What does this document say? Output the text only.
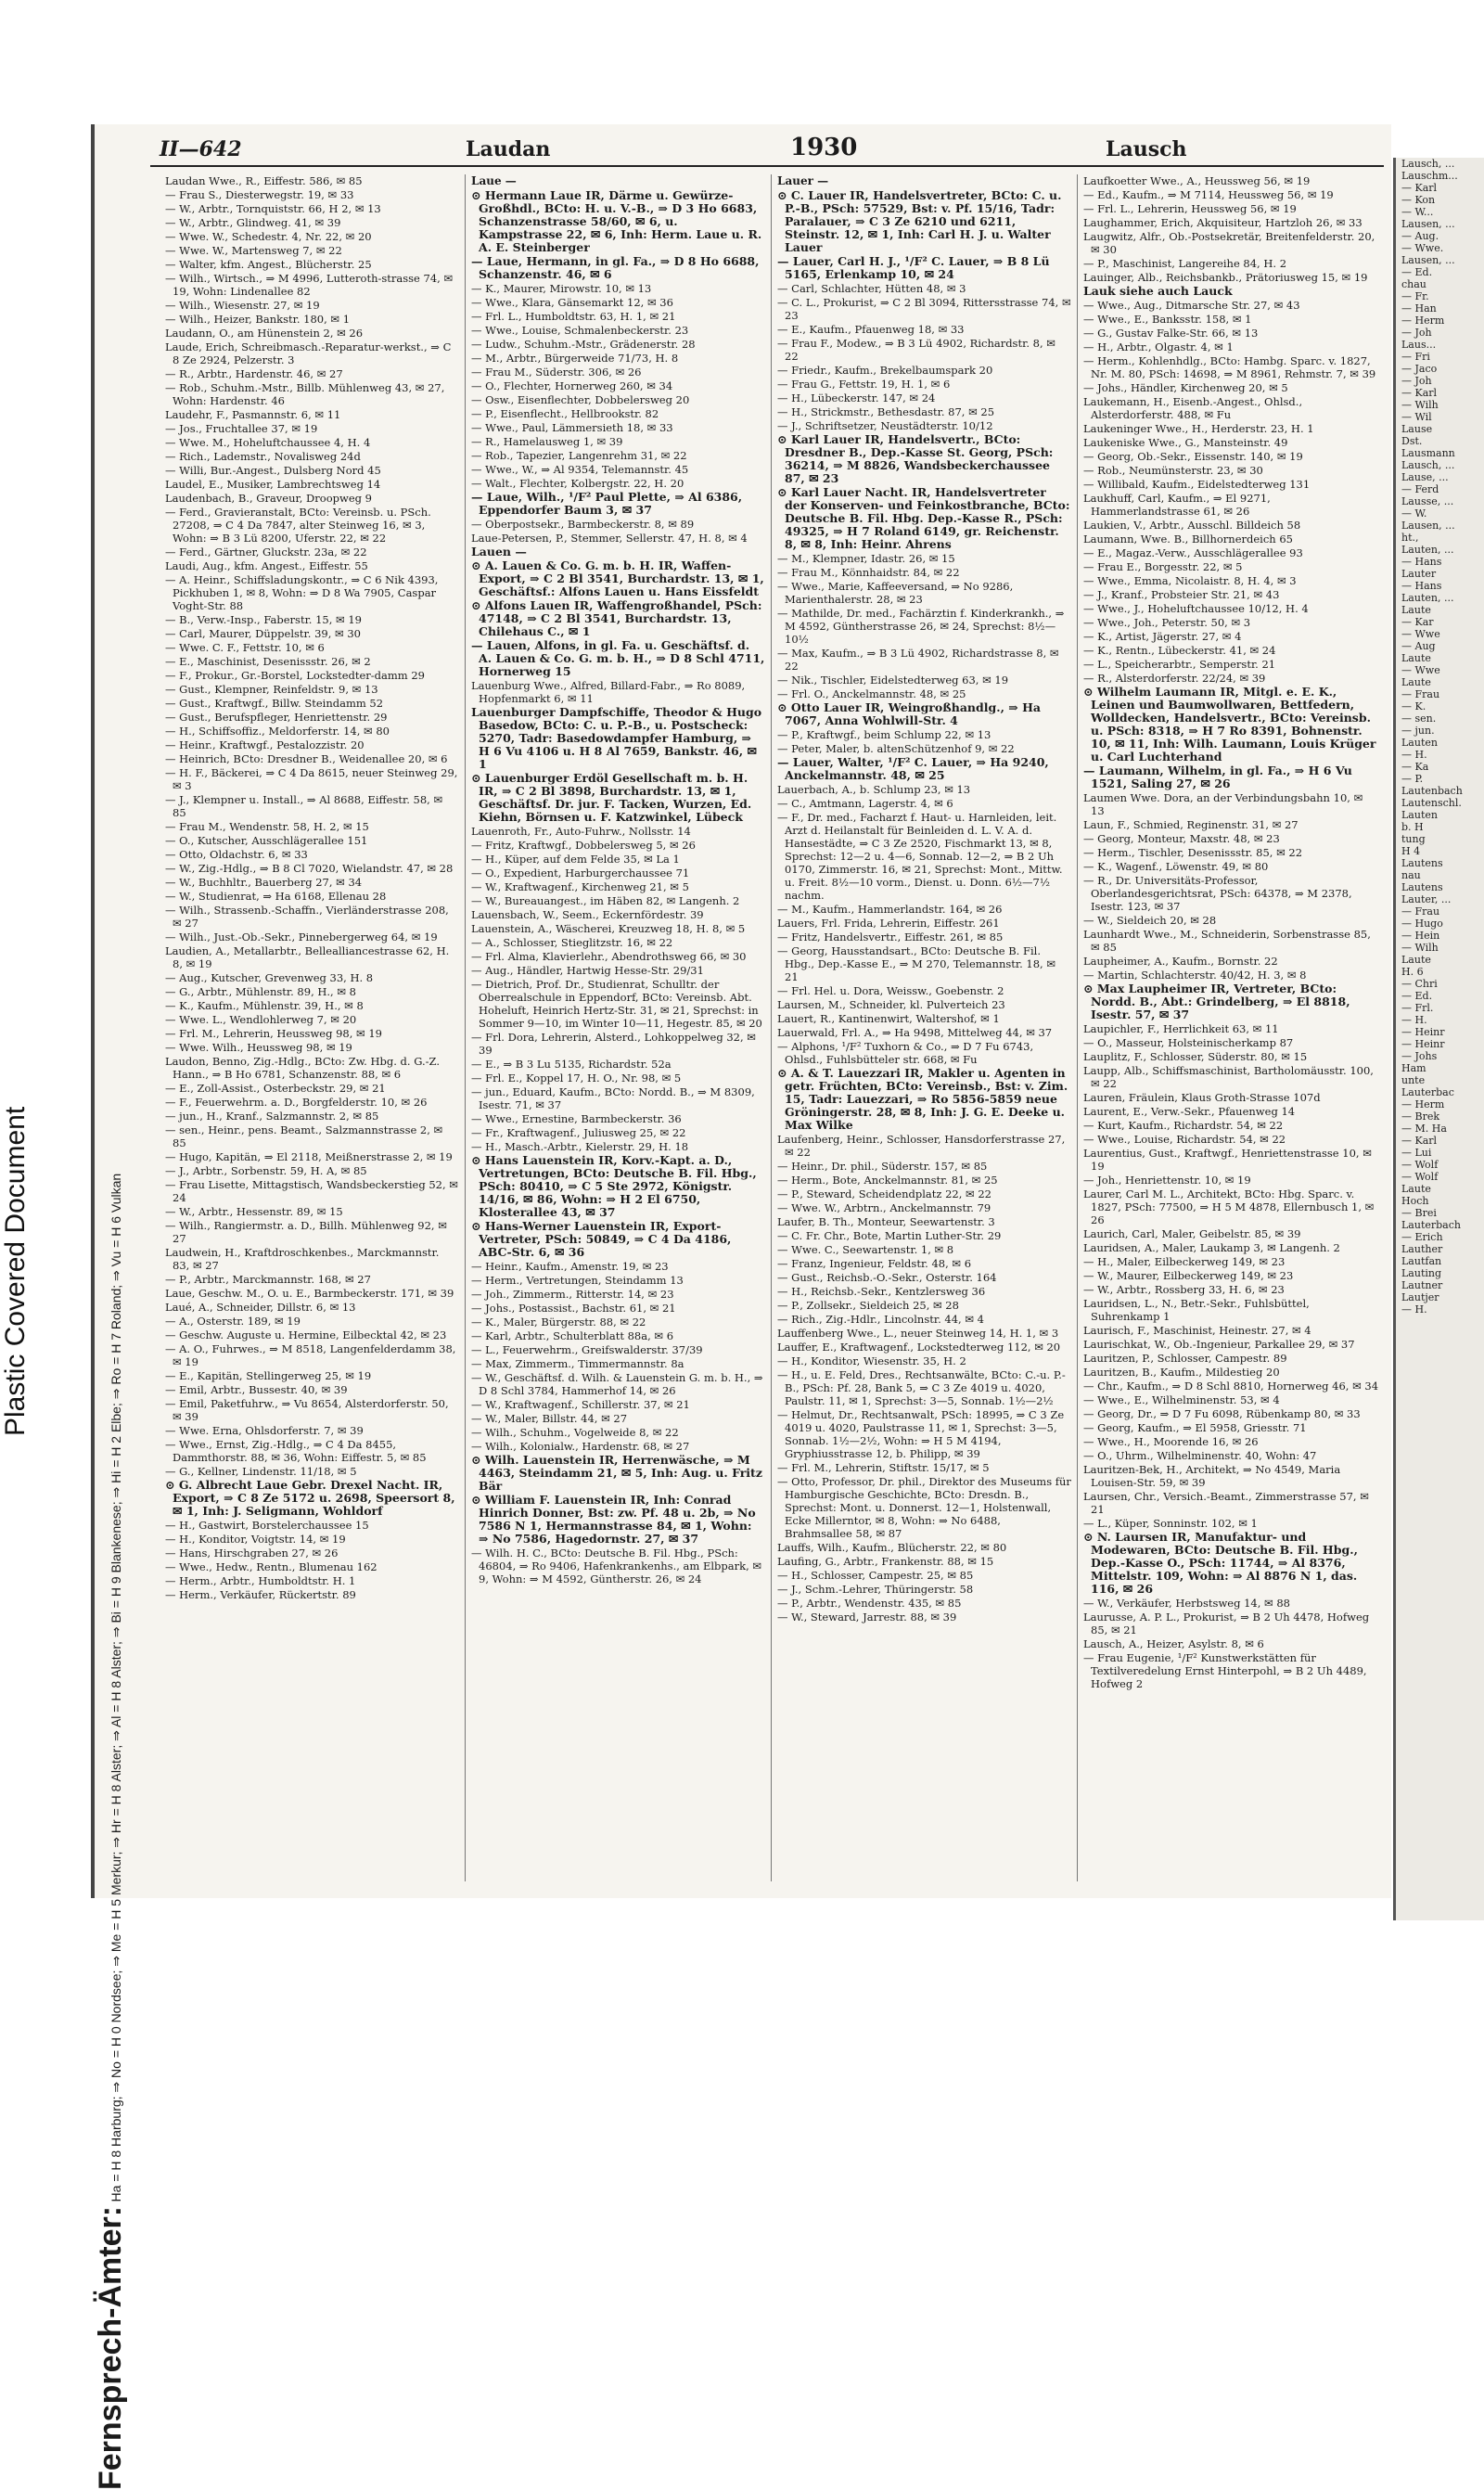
Plastic Covered Document
II—642	Laudan	1930	Lausch
Fernsprech-Ämter: Ha = H 8 Harburg; ⇒ No = H 0 Nordsee; ⇒ Me = H 5 Merkur; ⇒ Hr = H 8 Alster; ⇒ Al = H 8 Alster; ⇒ Bi = H 9 Blankenese; ⇒ Hi = H 2 Elbe; ⇒ Ro = H 7 Roland; ⇒ Vu = H 6 Vulkan
Laudan Wwe., R., Eiffestr. 586, ✉ 85
— Frau S., Diesterwegstr. 19, ✉ 33
— W., Arbtr., Tornquiststr. 66, H 2, ✉ 13
— W., Arbtr., Glindweg. 41, ✉ 39
— Wwe. W., Schedestr. 4, Nr. 22, ✉ 20
— Wwe. W., Martensweg 7, ✉ 22
— Walter, kfm. Angest., Blücherstr. 25
— Wilh., Wirtsch., ⇒ M 4996, Lutteroth-strasse 74, ✉ 19, Wohn: Lindenallee 82
— Wilh., Wiesenstr. 27, ✉ 19
— Wilh., Heizer, Bankstr. 180, ✉ 1
Laudann, O., am Hünenstein 2, ✉ 26
Laude, Erich, Schreibmasch.-Reparatur-werkst., ⇒ C 8 Ze 2924, Pelzerstr. 3
— R., Arbtr., Hardenstr. 46, ✉ 27
— Rob., Schuhm.-Mstr., Billb. Mühlenweg 43, ✉ 27, Wohn: Hardenstr. 46
Laudehr, F., Pasmannstr. 6, ✉ 11
— Jos., Fruchtallee 37, ✉ 19
— Wwe. M., Hoheluftchaussee 4, H. 4
— Rich., Lademstr., Novalisweg 24d
— Willi, Bur.-Angest., Dulsberg Nord 45
Laudel, E., Musiker, Lambrechtsweg 14
Laudenbach, B., Graveur, Droopweg 9
— Ferd., Gravieranstalt, BCto: Vereinsb. u. PSch. 27208, ⇒ C 4 Da 7847, alter Steinweg 16, ✉ 3, Wohn: ⇒ B 3 Lü 8200, Uferstr. 22, ✉ 22
— Ferd., Gärtner, Gluckstr. 23a, ✉ 22
Laudi, Aug., kfm. Angest., Eiffestr. 55
— A. Heinr., Schiffsladungskontr., ⇒ C 6 Nik 4393, Pickhuben 1, ✉ 8, Wohn: ⇒ D 8 Wa 7905, Caspar Voght-Str. 88
— B., Verw.-Insp., Faberstr. 15, ✉ 19
— Carl, Maurer, Düppelstr. 39, ✉ 30
— Wwe. C. F., Fettstr. 10, ✉ 6
— E., Maschinist, Desenissstr. 26, ✉ 2
— F., Prokur., Gr.-Borstel, Lockstedter-damm 29
— Gust., Klempner, Reinfeldstr. 9, ✉ 13
— Gust., Kraftwgf., Billw. Steindamm 52
— Gust., Berufspfleger, Henriettenstr. 29
— H., Schiffsoffiz., Meldorferstr. 14, ✉ 80
— Heinr., Kraftwgf., Pestalozzistr. 20
— Heinrich, BCto: Dresdner B., Weidenallee 20, ✉ 6
— H. F., Bäckerei, ⇒ C 4 Da 8615, neuer Steinweg 29, ✉ 3
— J., Klempner u. Install., ⇒ Al 8688, Eiffestr. 58, ✉ 85
— Frau M., Wendenstr. 58, H. 2, ✉ 15
— O., Kutscher, Ausschlägerallee 151
— Otto, Oldachstr. 6, ✉ 33
— W., Zig.-Hdlg., ⇒ B 8 Cl 7020, Wielandstr. 47, ✉ 28
— W., Buchhltr., Bauerberg 27, ✉ 34
— W., Studienrat, ⇒ Ha 6168, Ellenau 28
— Wilh., Strassenb.-Schaffn., Vierländerstrasse 208, ✉ 27
— Wilh., Just.-Ob.-Sekr., Pinnebergerweg 64, ✉ 19
Laudien, A., Metallarbtr., Bellealliancestrasse 62, H. 8, ✉ 19
— Aug., Kutscher, Grevenweg 33, H. 8
— G., Arbtr., Mühlenstr. 89, H., ✉ 8
— K., Kaufm., Mühlenstr. 39, H., ✉ 8
— Wwe. L., Wendlohlerweg 7, ✉ 20
— Frl. M., Lehrerin, Heussweg 98, ✉ 19
— Wwe. Wilh., Heussweg 98, ✉ 19
Laudon, Benno, Zig.-Hdlg., BCto: Zw. Hbg. d. G.-Z. Hann., ⇒ B Ho 6781, Schanzenstr. 88, ✉ 6
— E., Zoll-Assist., Osterbeckstr. 29, ✉ 21
— F., Feuerwehrm. a. D., Borgfelderstr. 10, ✉ 26
— jun., H., Kranf., Salzmannstr. 2, ✉ 85
— sen., Heinr., pens. Beamt., Salzmannstrasse 2, ✉ 85
— Hugo, Kapitän, ⇒ El 2118, Meißnerstrasse 2, ✉ 19
— J., Arbtr., Sorbenstr. 59, H. A, ✉ 85
— Frau Lisette, Mittagstisch, Wandsbeckerstieg 52, ✉ 24
— W., Arbtr., Hessenstr. 89, ✉ 15
— Wilh., Rangiermstr. a. D., Billh. Mühlenweg 92, ✉ 27
Laudwein, H., Kraftdroschkenbes., Marckmannstr. 83, ✉ 27
— P., Arbtr., Marckmannstr. 168, ✉ 27
Laue, Geschw. M., O. u. E., Barmbeckerstr. 171, ✉ 39
Laué, A., Schneider, Dillstr. 6, ✉ 13
— A., Osterstr. 189, ✉ 19
— Geschw. Auguste u. Hermine, Eilbecktal 42, ✉ 23
— A. O., Fuhrwes., ⇒ M 8518, Langenfelderdamm 38, ✉ 19
— E., Kapitän, Stellingerweg 25, ✉ 19
— Emil, Arbtr., Bussestr. 40, ✉ 39
— Emil, Paketfuhrw., ⇒ Vu 8654, Alsterdorferstr. 50, ✉ 39
— Wwe. Erna, Ohlsdorferstr. 7, ✉ 39
— Wwe., Ernst, Zig.-Hdlg., ⇒ C 4 Da 8455, Dammthorstr. 88, ✉ 36, Wohn: Eiffestr. 5, ✉ 85
— G., Kellner, Lindenstr. 11/18, ✉ 5
⊙ G. Albrecht Laue Gebr. Drexel Nacht. IR, Export, ⇒ C 8 Ze 5172 u. 2698, Speersort 8, ✉ 1, Inh: J. Seligmann, Wohldorf
— H., Gastwirt, Borstelerchaussee 15
— H., Konditor, Voigtstr. 14, ✉ 19
— Hans, Hirschgraben 27, ✉ 26
— Wwe., Hedw., Rentn., Blumenau 162
— Herm., Arbtr., Humboldtstr. H. 1
— Herm., Verkäufer, Rückertstr. 89
Laue —
⊙ Hermann Laue IR, Därme u. Gewürze-Großhdl., BCto: H. u. V.-B., ⇒ D 3 Ho 6683, Schanzenstrasse 58/60, ✉ 6, u. Kampstrasse 22, ✉ 6, Inh: Herm. Laue u. R. A. E. Steinberger
— Laue, Hermann, in gl. Fa., ⇒ D 8 Ho 6688, Schanzenstr. 46, ✉ 6
— K., Maurer, Mirowstr. 10, ✉ 13
— Wwe., Klara, Gänsemarkt 12, ✉ 36
— Frl. L., Humboldtstr. 63, H. 1, ✉ 21
— Wwe., Louise, Schmalenbeckerstr. 23
— Ludw., Schuhm.-Mstr., Grädenerstr. 28
— M., Arbtr., Bürgerweide 71/73, H. 8
— Frau M., Süderstr. 306, ✉ 26
— O., Flechter, Hornerweg 260, ✉ 34
— Osw., Eisenflechter, Dobbelersweg 20
— P., Eisenflecht., Hellbrookstr. 82
— Wwe., Paul, Lämmersieth 18, ✉ 33
— R., Hamelausweg 1, ✉ 39
— Rob., Tapezier, Langenrehm 31, ✉ 22
— Wwe., W., ⇒ Al 9354, Telemannstr. 45
— Walt., Flechter, Kolbergstr. 22, H. 20
— Laue, Wilh., ¹/F² Paul Plette, ⇒ Al 6386, Eppendorfer Baum 3, ✉ 37
— Oberpostsekr., Barmbeckerstr. 8, ✉ 89
Laue-Petersen, P., Stemmer, Sellerstr. 47, H. 8, ✉ 4
Lauen —
⊙ A. Lauen & Co. G. m. b. H. IR, Waffen-Export, ⇒ C 2 Bl 3541, Burchardstr. 13, ✉ 1, Geschäftsf.: Alfons Lauen u. Hans Eissfeldt
⊙ Alfons Lauen IR, Waffengroßhandel, PSch: 47148, ⇒ C 2 Bl 3541, Burchardstr. 13, Chilehaus C., ✉ 1
— Lauen, Alfons, in gl. Fa. u. Geschäftsf. d. A. Lauen & Co. G. m. b. H., ⇒ D 8 Schl 4711, Hornerweg 15
Lauenburg Wwe., Alfred, Billard-Fabr., ⇒ Ro 8089, Hopfenmarkt 6, ✉ 11
Lauenburger Dampfschiffe, Theodor & Hugo Basedow, BCto: C. u. P.-B., u. Postscheck: 5270, Tadr: Basedowdampfer Hamburg, ⇒ H 6 Vu 4106 u. H 8 Al 7659, Bankstr. 46, ✉ 1
⊙ Lauenburger Erdöl Gesellschaft m. b. H. IR, ⇒ C 2 Bl 3898, Burchardstr. 13, ✉ 1, Geschäftsf. Dr. jur. F. Tacken, Wurzen, Ed. Kiehn, Börnsen u. F. Katzwinkel, Lübeck
Lauenroth, Fr., Auto-Fuhrw., Nollsstr. 14
— Fritz, Kraftwgf., Dobbelersweg 5, ✉ 26
— H., Küper, auf dem Felde 35, ✉ La 1
— O., Expedient, Harburgerchaussee 71
— W., Kraftwagenf., Kirchenweg 21, ✉ 5
— W., Bureauangest., im Häben 82, ✉ Langenh. 2
Lauensbach, W., Seem., Eckernfördestr. 39
Lauenstein, A., Wäscherei, Kreuzweg 18, H. 8, ✉ 5
— A., Schlosser, Stieglitzstr. 16, ✉ 22
— Frl. Alma, Klavierlehr., Abendrothsweg 66, ✉ 30
— Aug., Händler, Hartwig Hesse-Str. 29/31
— Dietrich, Prof. Dr., Studienrat, Schulltr. der Oberrealschule in Eppendorf, BCto: Vereinsb. Abt. Hoheluft, Heinrich Hertz-Str. 31, ✉ 21, Sprechst: in Sommer 9—10, im Winter 10—11, Hegestr. 85, ✉ 20
— Frl. Dora, Lehrerin, Alsterd., Lohkoppelweg 32, ✉ 39
— E., ⇒ B 3 Lu 5135, Richardstr. 52a
— Frl. E., Koppel 17, H. O., Nr. 98, ✉ 5
— jun., Eduard, Kaufm., BCto: Nordd. B., ⇒ M 8309, Isestr. 71, ✉ 37
— Wwe., Ernestine, Barmbeckerstr. 36
— Fr., Kraftwagenf., Juliusweg 25, ✉ 22
— H., Masch.-Arbtr., Kielerstr. 29, H. 18
⊙ Hans Lauenstein IR, Korv.-Kapt. a. D., Vertretungen, BCto: Deutsche B. Fil. Hbg., PSch: 80410, ⇒ C 5 Ste 2972, Königstr. 14/16, ✉ 86, Wohn: ⇒ H 2 El 6750, Klosterallee 43, ✉ 37
⊙ Hans-Werner Lauenstein IR, Export-Vertreter, PSch: 50849, ⇒ C 4 Da 4186, ABC-Str. 6, ✉ 36
— Heinr., Kaufm., Amenstr. 19, ✉ 23
— Herm., Vertretungen, Steindamm 13
— Joh., Zimmerm., Ritterstr. 14, ✉ 23
— Johs., Postassist., Bachstr. 61, ✉ 21
— K., Maler, Bürgerstr. 88, ✉ 22
— Karl, Arbtr., Schulterblatt 88a, ✉ 6
— L., Feuerwehrm., Greifswalderstr. 37/39
— Max, Zimmerm., Timmermannstr. 8a
— W., Geschäftsf. d. Wilh. & Lauenstein G. m. b. H., ⇒ D 8 Schl 3784, Hammerhof 14, ✉ 26
— W., Kraftwagenf., Schillerstr. 37, ✉ 21
— W., Maler, Billstr. 44, ✉ 27
— Wilh., Schuhm., Vogelweide 8, ✉ 22
— Wilh., Kolonialw., Hardenstr. 68, ✉ 27
⊙ Wilh. Lauenstein IR, Herrenwäsche, ⇒ M 4463, Steindamm 21, ✉ 5, Inh: Aug. u. Fritz Bär
⊙ William F. Lauenstein IR, Inh: Conrad Hinrich Donner, Bst: zw. Pf. 48 u. 2b, ⇒ No 7586 N 1, Hermannstrasse 84, ✉ 1, Wohn: ⇒ No 7586, Hagedornstr. 27, ✉ 37
— Wilh. H. C., BCto: Deutsche B. Fil. Hbg., PSch: 46804, ⇒ Ro 9406, Hafenkrankenhs., am Elbpark, ✉ 9, Wohn: ⇒ M 4592, Güntherstr. 26, ✉ 24
Lauer —
⊙ C. Lauer IR, Handelsvertreter, BCto: C. u. P.-B., PSch: 57529, Bst: v. Pf. 15/16, Tadr: Paralauer, ⇒ C 3 Ze 6210 und 6211, Steinstr. 12, ✉ 1, Inh: Carl H. J. u. Walter Lauer
— Lauer, Carl H. J., ¹/F² C. Lauer, ⇒ B 8 Lü 5165, Erlenkamp 10, ✉ 24
— Carl, Schlachter, Hütten 48, ✉ 3
— C. L., Prokurist, ⇒ C 2 Bl 3094, Rittersstrasse 74, ✉ 23
— E., Kaufm., Pfauenweg 18, ✉ 33
— Frau F., Modew., ⇒ B 3 Lü 4902, Richardstr. 8, ✉ 22
— Friedr., Kaufm., Brekelbaumspark 20
— Frau G., Fettstr. 19, H. 1, ✉ 6
— H., Lübeckerstr. 147, ✉ 24
— H., Strickmstr., Bethesdastr. 87, ✉ 25
— J., Schriftsetzer, Neustädterstr. 10/12
⊙ Karl Lauer IR, Handelsvertr., BCto: Dresdner B., Dep.-Kasse St. Georg, PSch: 36214, ⇒ M 8826, Wandsbeckerchaussee 87, ✉ 23
⊙ Karl Lauer Nacht. IR, Handelsvertreter der Konserven- und Feinkostbranche, BCto: Deutsche B. Fil. Hbg. Dep.-Kasse R., PSch: 49325, ⇒ H 7 Roland 6149, gr. Reichenstr. 8, ✉ 8, Inh: Heinr. Ahrens
— M., Klempner, Idastr. 26, ✉ 15
— Frau M., Könnhaidstr. 84, ✉ 22
— Wwe., Marie, Kaffeeversand, ⇒ No 9286, Marienthalerstr. 28, ✉ 23
— Mathilde, Dr. med., Fachärztin f. Kinderkrankh., ⇒ M 4592, Güntherstrasse 26, ✉ 24, Sprechst: 8½—10½
— Max, Kaufm., ⇒ B 3 Lü 4902, Richardstrasse 8, ✉ 22
— Nik., Tischler, Eidelstedterweg 63, ✉ 19
— Frl. O., Anckelmannstr. 48, ✉ 25
⊙ Otto Lauer IR, Weingroßhandlg., ⇒ Ha 7067, Anna Wohlwill-Str. 4
— P., Kraftwgf., beim Schlump 22, ✉ 13
— Peter, Maler, b. altenSchützenhof 9, ✉ 22
— Lauer, Walter, ¹/F² C. Lauer, ⇒ Ha 9240, Anckelmannstr. 48, ✉ 25
Lauerbach, A., b. Schlump 23, ✉ 13
— C., Amtmann, Lagerstr. 4, ✉ 6
— F., Dr. med., Facharzt f. Haut- u. Harnleiden, leit. Arzt d. Heilanstalt für Beinleiden d. L. V. A. d. Hansestädte, ⇒ C 3 Ze 2520, Fischmarkt 13, ✉ 8, Sprechst: 12—2 u. 4—6, Sonnab. 12—2, ⇒ B 2 Uh 0170, Zimmerstr. 16, ✉ 21, Sprechst: Mont., Mittw. u. Freit. 8½—10 vorm., Dienst. u. Donn. 6½—7½ nachm.
— M., Kaufm., Hammerlandstr. 164, ✉ 26
Lauers, Frl. Frida, Lehrerin, Eiffestr. 261
— Fritz, Handelsvertr., Eiffestr. 261, ✉ 85
— Georg, Hausstandsart., BCto: Deutsche B. Fil. Hbg., Dep.-Kasse E., ⇒ M 270, Telemannstr. 18, ✉ 21
— Frl. Hel. u. Dora, Weissw., Goebenstr. 2
Laursen, M., Schneider, kl. Pulverteich 23
Lauert, R., Kantinenwirt, Waltershof, ✉ 1
Lauerwald, Frl. A., ⇒ Ha 9498, Mittelweg 44, ✉ 37
— Alphons, ¹/F² Tuxhorn & Co., ⇒ D 7 Fu 6743, Ohlsd., Fuhlsbütteler str. 668, ✉ Fu
⊙ A. & T. Lauezzari IR, Makler u. Agenten in getr. Früchten, BCto: Vereinsb., Bst: v. Zim. 15, Tadr: Lauezzari, ⇒ Ro 5856-5859 neue Gröningerstr. 28, ✉ 8, Inh: J. G. E. Deeke u. Max Wilke
Laufenberg, Heinr., Schlosser, Hansdorferstrasse 27, ✉ 22
— Heinr., Dr. phil., Süderstr. 157, ✉ 85
— Herm., Bote, Anckelmannstr. 81, ✉ 25
— P., Steward, Scheidendplatz 22, ✉ 22
— Wwe. W., Arbtrn., Anckelmannstr. 79
Laufer, B. Th., Monteur, Seewartenstr. 3
— C. Fr. Chr., Bote, Martin Luther-Str. 29
— Wwe. C., Seewartenstr. 1, ✉ 8
— Franz, Ingenieur, Feldstr. 48, ✉ 6
— Gust., Reichsb.-O.-Sekr., Osterstr. 164
— H., Reichsb.-Sekr., Kentzlersweg 36
— P., Zollsekr., Sieldeich 25, ✉ 28
— Rich., Zig.-Hdlr., Lincolnstr. 44, ✉ 4
Lauffenberg Wwe., L., neuer Steinweg 14, H. 1, ✉ 3
Lauffer, E., Kraftwagenf., Lockstedterweg 112, ✉ 20
— H., Konditor, Wiesenstr. 35, H. 2
— H., u. E. Feld, Dres., Rechtsanwälte, BCto: C.-u. P.-B., PSch: Pf. 28, Bank 5, ⇒ C 3 Ze 4019 u. 4020, Paulstr. 11, ✉ 1, Sprechst: 3—5, Sonnab. 1½—2½
— Helmut, Dr., Rechtsanwalt, PSch: 18995, ⇒ C 3 Ze 4019 u. 4020, Paulstrasse 11, ✉ 1, Sprechst: 3—5, Sonnab. 1½—2½, Wohn: ⇒ H 5 M 4194, Gryphiusstrasse 12, b. Philipp, ✉ 39
— Frl. M., Lehrerin, Stiftstr. 15/17, ✉ 5
— Otto, Professor, Dr. phil., Direktor des Museums für Hamburgische Geschichte, BCto: Dresdn. B., Sprechst: Mont. u. Donnerst. 12—1, Holstenwall, Ecke Millerntor, ✉ 8, Wohn: ⇒ No 6488, Brahmsallee 58, ✉ 87
Lauffs, Wilh., Kaufm., Blücherstr. 22, ✉ 80
Laufing, G., Arbtr., Frankenstr. 88, ✉ 15
— H., Schlosser, Campestr. 25, ✉ 85
— J., Schm.-Lehrer, Thüringerstr. 58
— P., Arbtr., Wendenstr. 435, ✉ 85
— W., Steward, Jarrestr. 88, ✉ 39
Laufkoetter Wwe., A., Heussweg 56, ✉ 19
— Ed., Kaufm., ⇒ M 7114, Heussweg 56, ✉ 19
— Frl. L., Lehrerin, Heussweg 56, ✉ 19
Laughammer, Erich, Akquisiteur, Hartzloh 26, ✉ 33
Laugwitz, Alfr., Ob.-Postsekretär, Breitenfelderstr. 20, ✉ 30
— P., Maschinist, Langereihe 84, H. 2
Lauinger, Alb., Reichsbankb., Prätoriusweg 15, ✉ 19
Lauk siehe auch Lauck
— Wwe., Aug., Ditmarsche Str. 27, ✉ 43
— Wwe., E., Banksstr. 158, ✉ 1
— G., Gustav Falke-Str. 66, ✉ 13
— H., Arbtr., Olgastr. 4, ✉ 1
— Herm., Kohlenhdlg., BCto: Hambg. Sparc. v. 1827, Nr. M. 80, PSch: 14698, ⇒ M 8961, Rehmstr. 7, ✉ 39
— Johs., Händler, Kirchenweg 20, ✉ 5
Laukemann, H., Eisenb.-Angest., Ohlsd., Alsterdorferstr. 488, ✉ Fu
Laukeninger Wwe., H., Herderstr. 23, H. 1
Laukeniske Wwe., G., Mansteinstr. 49
— Georg, Ob.-Sekr., Eissenstr. 140, ✉ 19
— Rob., Neumünsterstr. 23, ✉ 30
— Willibald, Kaufm., Eidelstedterweg 131
Laukhuff, Carl, Kaufm., ⇒ El 9271, Hammerlandstrasse 61, ✉ 26
Laukien, V., Arbtr., Ausschl. Billdeich 58
Laumann, Wwe. B., Billhornerdeich 65
— E., Magaz.-Verw., Ausschlägerallee 93
— Frau E., Borgesstr. 22, ✉ 5
— Wwe., Emma, Nicolaistr. 8, H. 4, ✉ 3
— J., Kranf., Probsteier Str. 21, ✉ 43
— Wwe., J., Hoheluftchaussee 10/12, H. 4
— Wwe., Joh., Peterstr. 50, ✉ 3
— K., Artist, Jägerstr. 27, ✉ 4
— K., Rentn., Lübeckerstr. 41, ✉ 24
— L., Speicherarbtr., Semperstr. 21
— R., Alsterdorferstr. 22/24, ✉ 39
⊙ Wilhelm Laumann IR, Mitgl. e. E. K., Leinen und Baumwollwaren, Bettfedern, Wolldecken, Handelsvertr., BCto: Vereinsb. u. PSch: 8318, ⇒ H 7 Ro 8391, Bohnenstr. 10, ✉ 11, Inh: Wilh. Laumann, Louis Krüger u. Carl Luchterhand
— Laumann, Wilhelm, in gl. Fa., ⇒ H 6 Vu 1521, Saling 27, ✉ 26
Laumen Wwe. Dora, an der Verbindungsbahn 10, ✉ 13
Laun, F., Schmied, Reginenstr. 31, ✉ 27
— Georg, Monteur, Maxstr. 48, ✉ 23
— Herm., Tischler, Desenissstr. 85, ✉ 22
— K., Wagenf., Löwenstr. 49, ✉ 80
— R., Dr. Universitäts-Professor, Oberlandesgerichtsrat, PSch: 64378, ⇒ M 2378, Isestr. 123, ✉ 37
— W., Sieldeich 20, ✉ 28
Launhardt Wwe., M., Schneiderin, Sorbenstrasse 85, ✉ 85
Laupheimer, A., Kaufm., Bornstr. 22
— Martin, Schlachterstr. 40/42, H. 3, ✉ 8
⊙ Max Laupheimer IR, Vertreter, BCto: Nordd. B., Abt.: Grindelberg, ⇒ El 8818, Isestr. 57, ✉ 37
Laupichler, F., Herrlichkeit 63, ✉ 11
— O., Masseur, Holsteinischerkamp 87
Lauplitz, F., Schlosser, Süderstr. 80, ✉ 15
Laupp, Alb., Schiffsmaschinist, Bartholomäusstr. 100, ✉ 22
Lauren, Fräulein, Klaus Groth-Strasse 107d
Laurent, E., Verw.-Sekr., Pfauenweg 14
— Kurt, Kaufm., Richardstr. 54, ✉ 22
— Wwe., Louise, Richardstr. 54, ✉ 22
Laurentius, Gust., Kraftwgf., Henriettenstrasse 10, ✉ 19
— Joh., Henriettenstr. 10, ✉ 19
Laurer, Carl M. L., Architekt, BCto: Hbg. Sparc. v. 1827, PSch: 77500, ⇒ H 5 M 4878, Ellernbusch 1, ✉ 26
Laurich, Carl, Maler, Geibelstr. 85, ✉ 39
Lauridsen, A., Maler, Laukamp 3, ✉ Langenh. 2
— H., Maler, Eilbeckerweg 149, ✉ 23
— W., Maurer, Eilbeckerweg 149, ✉ 23
— W., Arbtr., Rossberg 33, H. 6, ✉ 23
Lauridsen, L., N., Betr.-Sekr., Fuhlsbüttel, Suhrenkamp 1
Laurisch, F., Maschinist, Heinestr. 27, ✉ 4
Laurischkat, W., Ob.-Ingenieur, Parkallee 29, ✉ 37
Lauritzen, P., Schlosser, Campestr. 89
Lauritzen, B., Kaufm., Mildestieg 20
— Chr., Kaufm., ⇒ D 8 Schl 8810, Hornerweg 46, ✉ 34
— Wwe., E., Wilhelminenstr. 53, ✉ 4
— Georg, Dr., ⇒ D 7 Fu 6098, Rübenkamp 80, ✉ 33
— Georg, Kaufm., ⇒ El 5958, Griesstr. 71
— Wwe., H., Moorende 16, ✉ 26
— O., Uhrm., Wilhelminenstr. 40, Wohn: 47
Lauritzen-Bek, H., Architekt, ⇒ No 4549, Maria Louisen-Str. 59, ✉ 39
Laursen, Chr., Versich.-Beamt., Zimmerstrasse 57, ✉ 21
— L., Küper, Sonninstr. 102, ✉ 1
⊙ N. Laursen IR, Manufaktur- und Modewaren, BCto: Deutsche B. Fil. Hbg., Dep.-Kasse O., PSch: 11744, ⇒ Al 8376, Mittelstr. 109, Wohn: ⇒ Al 8876 N 1, das. 116, ✉ 26
— W., Verkäufer, Herbstsweg 14, ✉ 88
Laurusse, A. P. L., Prokurist, ⇒ B 2 Uh 4478, Hofweg 85, ✉ 21
Lausch, A., Heizer, Asylstr. 8, ✉ 6
— Frau Eugenie, ¹/F² Kunstwerkstätten für Textilveredelung Ernst Hinterpohl, ⇒ B 2 Uh 4489, Hofweg 2
Lausch, ...
Lauschm...
— Karl
— Kon
— W...
Lausen, ...
— Aug.
— Wwe.
Lausen, ...
— Ed.
chau
— Fr.
— Han
— Herm
— Joh
Laus...
— Fri
— Jaco
— Joh
— Karl
— Wilh
— Wil
Lause
Dst.
Lausmann
Lausch, ...
Lause, ...
— Ferd
Lausse, ...
— W.
Lausen, ...
ht.,
Lauten, ...
— Hans
Lauter
— Hans
Lauten, ...
Laute
— Kar
— Wwe
— Aug
Laute
— Wwe
Laute
— Frau
— K.
— sen.
— jun.
Lauten
— H.
— Ka
— P.
Lautenbach
Lautenschl.
Lauten
b. H
tung
H 4
Lautens
nau
Lautens
Lauter, ...
— Frau
— Hugo
— Hein
— Wilh
Laute
H. 6
— Chri
— Ed.
— Frl.
— H.
— Heinr
— Heinr
— Johs
Ham
unte
Lauterbac
— Herm
— Brek
— M. Ha
— Karl
— Lui
— Wolf
— Wolf
Laute
Hoch
— Brei
Lauterbach
— Erich
Lauther
Lautfan
Lauting
Lautner
Lautjer
— H.
